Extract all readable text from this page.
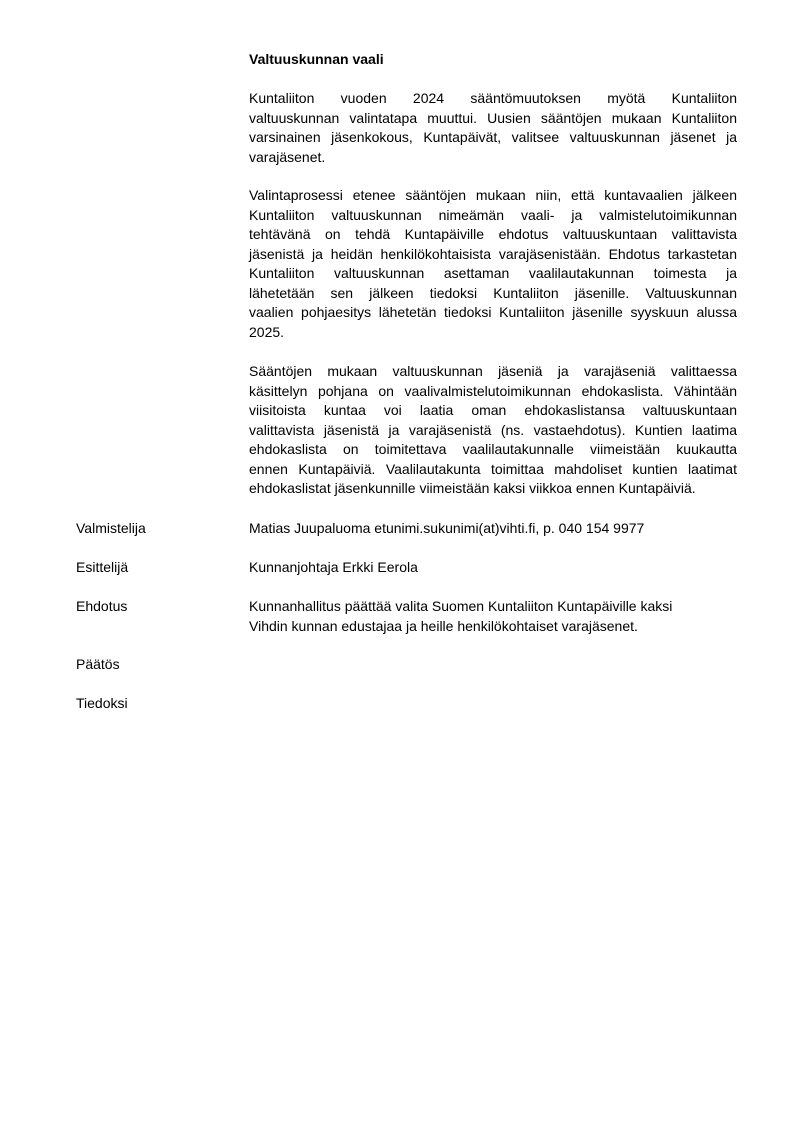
Valtuuskunnan vaali
Kuntaliiton vuoden 2024 sääntömuutoksen myötä Kuntaliiton
valtuuskunnan valintatapa muuttui. Uusien sääntöjen mukaan Kuntaliiton
varsinainen jäsenkokous, Kuntapäivät, valitsee valtuuskunnan jäsenet ja
varajäsenet.
Valintaprosessi etenee sääntöjen mukaan niin, että kuntavaalien jälkeen
Kuntaliiton valtuuskunnan nimeämän vaali- ja valmistelutoimikunnan
tehtävänä on tehdä Kuntapäiville ehdotus valtuuskuntaan valittavista
jäsenistä ja heidän henkilökohtaisista varajäsenistään. Ehdotus tarkastetan
Kuntaliiton valtuuskunnan asettaman vaalilautakunnan toimesta ja
lähetetään sen jälkeen tiedoksi Kuntaliiton jäsenille. Valtuuskunnan
vaalien pohjaesitys lähetetän tiedoksi Kuntaliiton jäsenille syyskuun alussa
2025.
Sääntöjen mukaan valtuuskunnan jäseniä ja varajäseniä valittaessa
käsittelyn pohjana on vaalivalmistelutoimikunnan ehdokaslista. Vähintään
viisitoista kuntaa voi laatia oman ehdokaslistansa valtuuskuntaan
valittavista jäsenistä ja varajäsenistä (ns. vastaehdotus). Kuntien laatima
ehdokaslista on toimitettava vaalilautakunnalle viimeistään kuukautta
ennen Kuntapäiviä. Vaalilautakunta toimittaa mahdoliset kuntien laatimat
ehdokaslistat jäsenkunnille viimeistään kaksi viikkoa ennen Kuntapäiviä.
Valmistelija	Matias Juupaluoma etunimi.sukunimi(at)vihti.fi, p. 040 154 9977
Esittelijä	Kunnanjohtaja Erkki Eerola
Ehdotus	Kunnanhallitus päättää valita Suomen Kuntaliiton Kuntapäiville kaksi
Vihdin kunnan edustajaa ja heille henkilökohtaiset varajäsenet.
Päätös
Tiedoksi
